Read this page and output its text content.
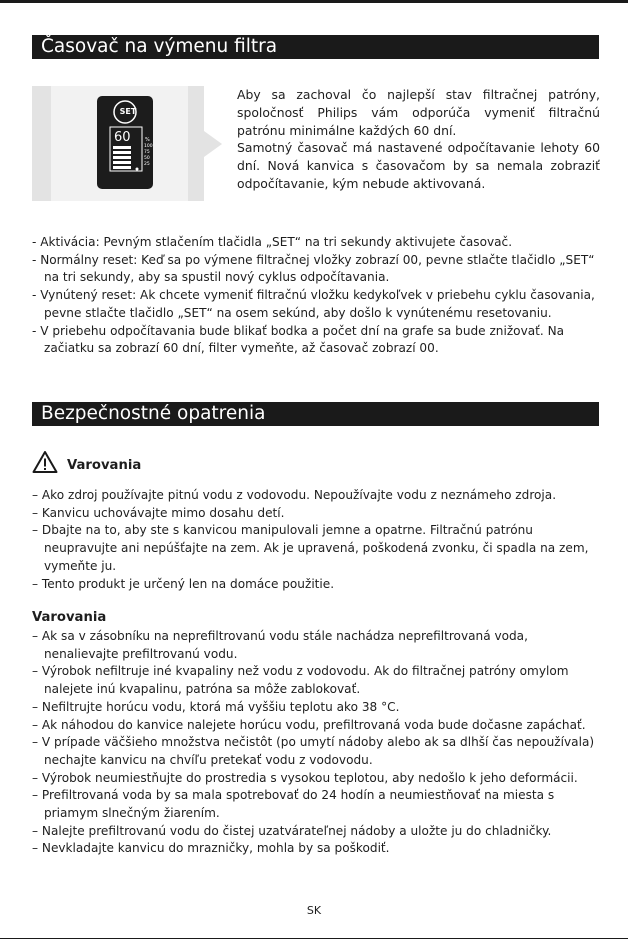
Časovač na výmenu filtra
SET
60	%
100
75
50
25

Aby sa zachoval čo najlepší stav filtračnej patróny, spoločnosť Philips vám odporúča vymeniť filtračnú patrónu minimálne každých 60 dní.

Samotný časovač má nastavené odpočítavanie lehoty 60 dní. Nová kanvica s časovačom by sa nemala zobraziť odpočítavanie, kým nebude aktivovaná.

- Aktivácia: Pevným stlačením tlačidla „SET“ na tri sekundy aktivujete časovač.
- Normálny reset: Keď sa po výmene filtračnej vložky zobrazí 00, pevne stlačte tlačidlo „SET“ na tri sekundy, aby sa spustil nový cyklus odpočítavania.
- Vynútený reset: Ak chcete vymeniť filtračnú vložku kedykoľvek v priebehu cyklu časovania, pevne stlačte tlačidlo „SET“ na osem sekúnd, aby došlo k vynútenému resetovaniu.
- V priebehu odpočítavania bude blikať bodka a počet dní na grafe sa bude znižovať. Na začiatku sa zobrazí 60 dní, filter vymeňte, až časovač zobrazí 00.
Bezpečnostné opatrenia
Varovania
– Ako zdroj používajte pitnú vodu z vodovodu. Nepoužívajte vodu z neznámeho zdroja.
– Kanvicu uchovávajte mimo dosahu detí.
– Dbajte na to, aby ste s kanvicou manipulovali jemne a opatrne. Filtračnú patrónu neupravujte ani nepúšťajte na zem. Ak je upravená, poškodená zvonku, či spadla na zem, vymeňte ju.
– Tento produkt je určený len na domáce použitie.
Varovania
– Ak sa v zásobníku na neprefiltrovanú vodu stále nachádza neprefiltrovaná voda, nenalievajte prefiltrovanú vodu.
– Výrobok nefiltruje iné kvapaliny než vodu z vodovodu. Ak do filtračnej patróny omylom nalejete inú kvapalinu, patróna sa môže zablokovať.
– Nefiltrujte horúcu vodu, ktorá má vyššiu teplotu ako 38 °C.
– Ak náhodou do kanvice nalejete horúcu vodu, prefiltrovaná voda bude dočasne zapáchať.
– V prípade väčšieho množstva nečistôt (po umytí nádoby alebo ak sa dlhší čas nepoužívala) nechajte kanvicu na chvíľu pretekať vodu z vodovodu.
– Výrobok neumiestňujte do prostredia s vysokou teplotou, aby nedošlo k jeho deformácii.
– Prefiltrovaná voda by sa mala spotrebovať do 24 hodín a neumiestňovať na miesta s priamym slnečným žiarením.
– Nalejte prefiltrovanú vodu do čistej uzatvárateľnej nádoby a uložte ju do chladničky.
– Nevkladajte kanvicu do mrazničky, mohla by sa poškodiť.
SK
